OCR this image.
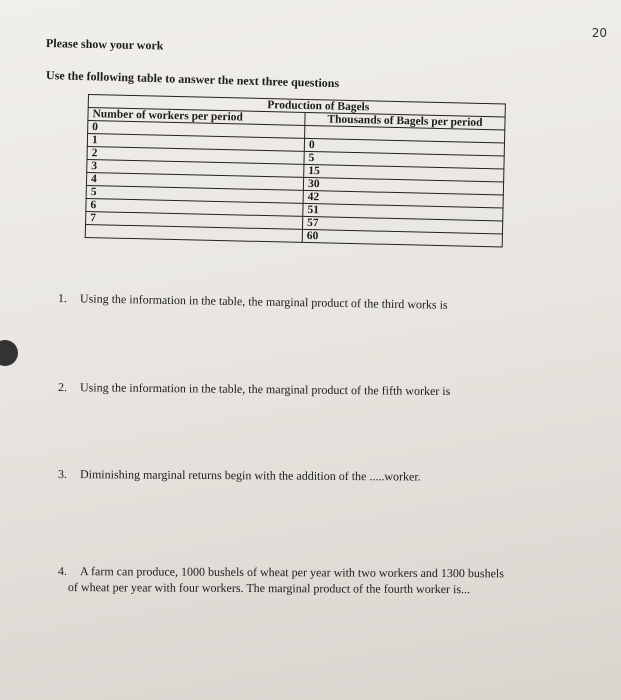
20
Please show your work
Use the following table to answer the next three questions
	Production of Bagels
Number of workers per period	Thousands of Bagels per period
0	
1	0
2	5
3	15
4	30
5	42
6	51
7	57
	60
1. Using the information in the table, the marginal product of the third works is
2. Using the information in the table, the marginal product of the fifth worker is
3. Diminishing marginal returns begin with the addition of the .....worker.
4. A farm can produce, 1000 bushels of wheat per year with two workers and 1300 bushels
of wheat per year with four workers. The marginal product of the fourth worker is...
